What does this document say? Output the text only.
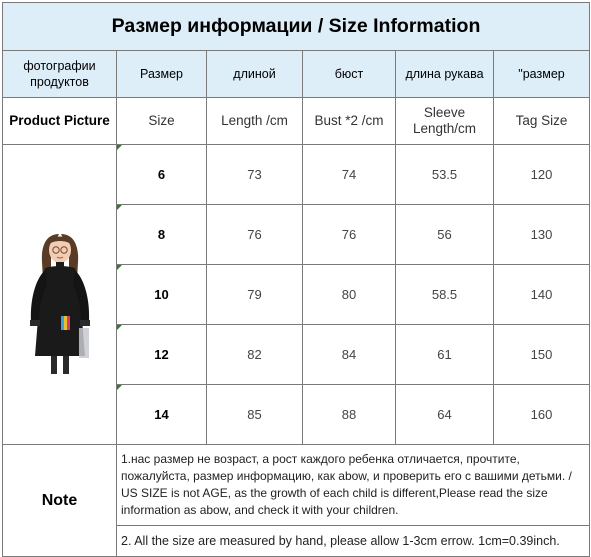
Размер информации / Size Information					
фотографии продуктов	Размер	длиной	бюст	длина рукава	"размер
Product Picture	Size	Length /cm	Bust *2 /cm	Sleeve Length/cm	Tag Size

6	73	74	53.5	120

8	76	76	56	130

10	79	80	58.5	140

12	82	84	61	150

14	85	88	64	160
Note	1.нас размер не возраст, а рост каждого ребенка отличается, прочтите, пожалуйста, размер информацию, как abow, и проверить его с вашими детьми. / US SIZE is not AGE, as the growth of each child is different,Please read the size information as abow, and check it with your children.				
	2. All the size are measured by hand, please allow 1-3cm errow. 1cm=0.39inch.				
